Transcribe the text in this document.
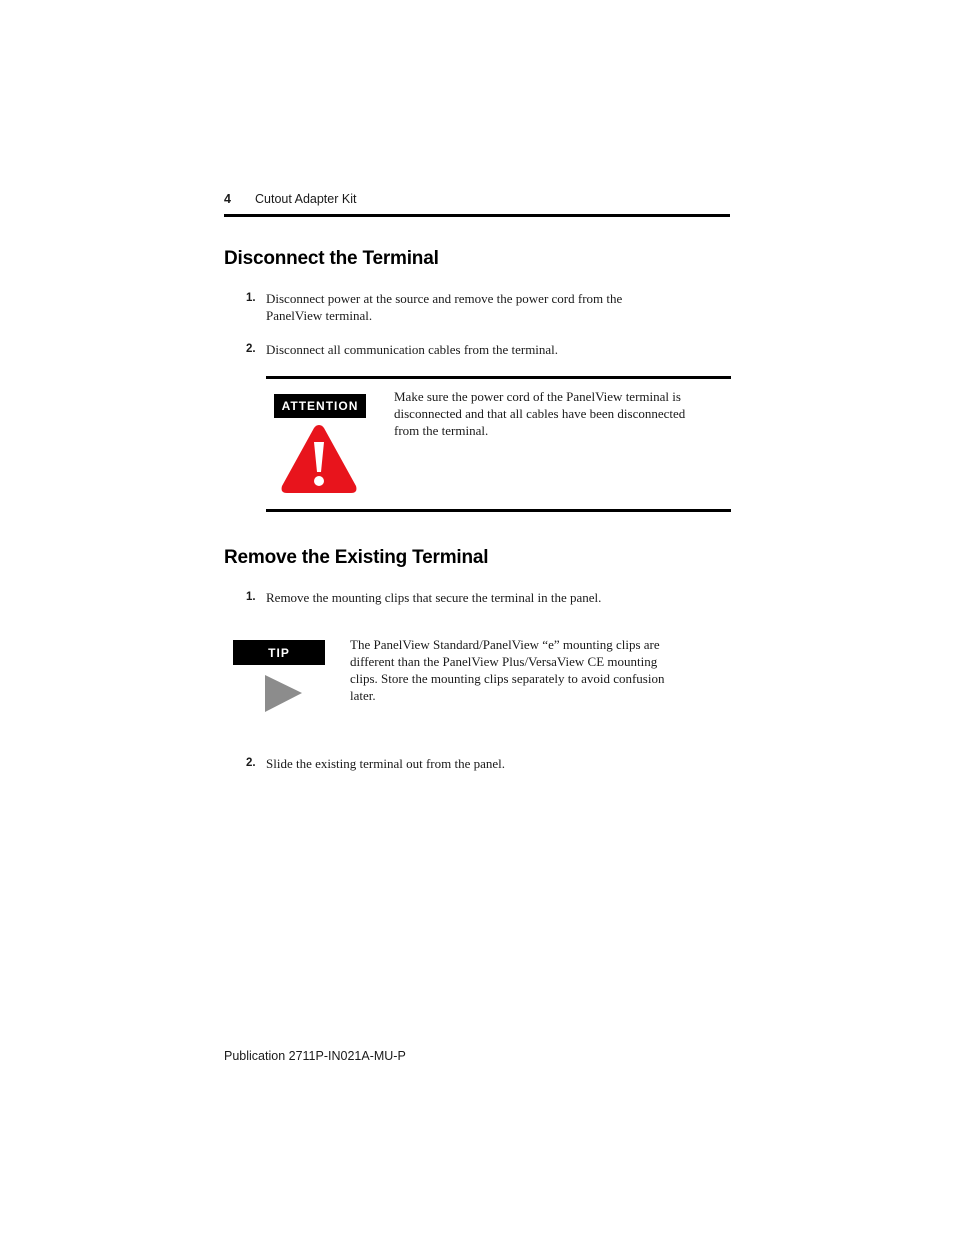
4 Cutout Adapter Kit
Disconnect the Terminal
1. Disconnect power at the source and remove the power cord from the PanelView terminal.
2. Disconnect all communication cables from the terminal.
ATTENTION
Make sure the power cord of the PanelView terminal is disconnected and that all cables have been disconnected from the terminal.
Remove the Existing Terminal
1. Remove the mounting clips that secure the terminal in the panel.
TIP
The PanelView Standard/PanelView “e” mounting clips are different than the PanelView Plus/VersaView CE mounting clips. Store the mounting clips separately to avoid confusion later.
2. Slide the existing terminal out from the panel.
Publication 2711P-IN021A-MU-P
